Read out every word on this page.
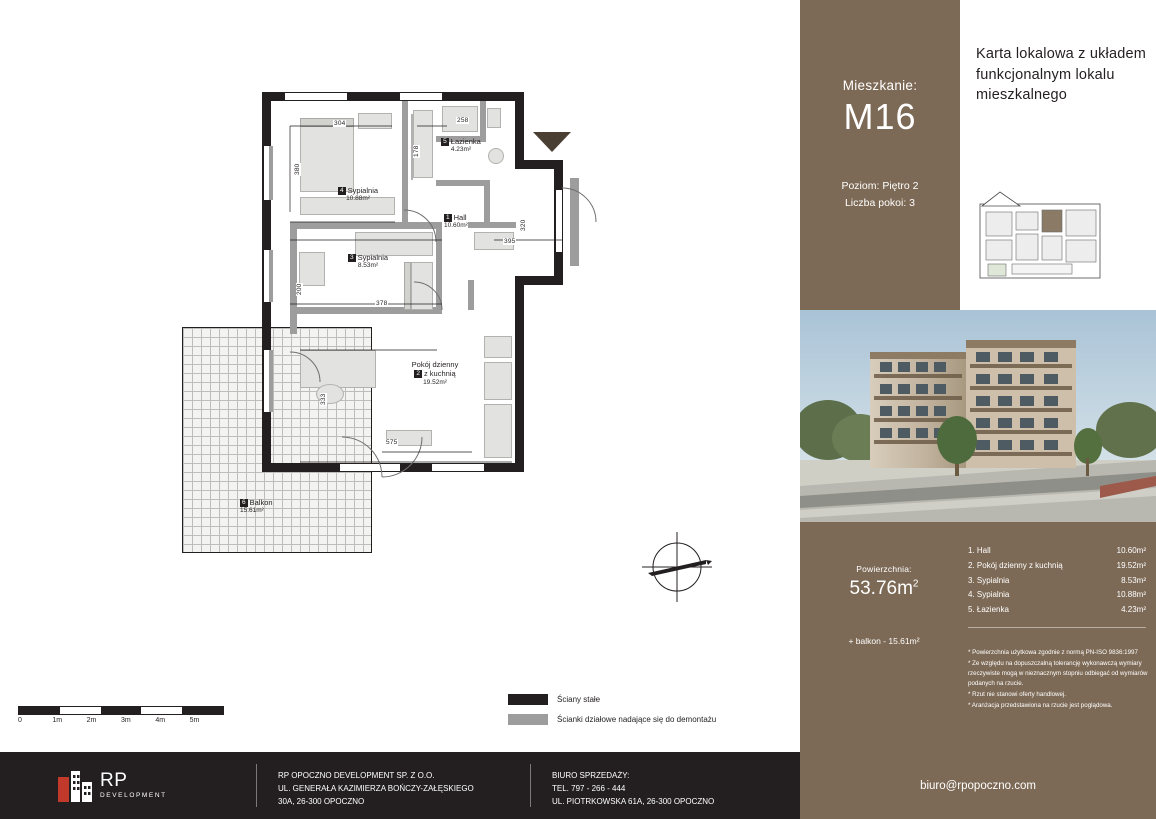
304
380
258
178
395
320
200
378
333
575
4 Sypialnia
10.88m²
3 Sypialnia
8.53m²
5 Łazienka
4.23m²
1 Hall
10.60m²
Pokój dzienny
2 z kuchnią
19.52m²
6 Balkon
15.61m²
0	1m	2m	3m	4m	5m
Ściany stałe
Ścianki działowe nadające się do demontażu
Mieszkanie:
M16
Poziom: Piętro 2
Liczba pokoi: 3
Karta lokalowa z układem funkcjonalnym lokalu mieszkalnego
Powierzchnia:
$53.76m^2$
+ balkon - 15.61m²
1. Hall	10.60m²
2. Pokój dzienny z kuchnią	19.52m²
3. Sypialnia	8.53m²
4. Sypialnia	10.88m²
5. Łazienka	4.23m²
* Powierzchnia użytkowa zgodnie z normą PN-ISO 9836:1997
* Ze względu na dopuszczalną tolerancję wykonawczą wymiary rzeczywiste mogą w nieznacznym stopniu odbiegać od wymiarów podanych na rzucie.
* Rzut nie stanowi oferty handlowej.
* Aranżacja przedstawiona na rzucie jest poglądowa.
RP
DEVELOPMENT
RP OPOCZNO DEVELOPMENT SP. Z O.O.
UL. GENERAŁA KAZIMIERZA BOŃCZY-ZAŁĘSKIEGO
30A, 26-300 OPOCZNO
BIURO SPRZEDAŻY:
TEL. 797 - 266 - 444
UL. PIOTRKOWSKA 61A, 26-300 OPOCZNO
biuro@rpopoczno.com
